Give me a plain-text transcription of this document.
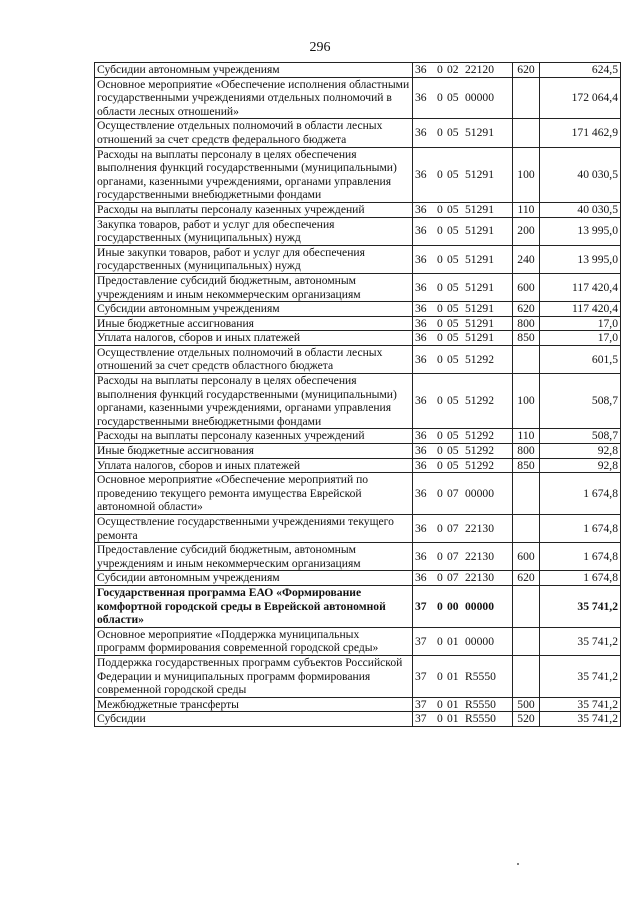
296
Субсидии автономным учреждениям	36 0 02 22120	620	624,5
Основное мероприятие «Обеспечение исполнения областными государственными учреждениями отдельных полномочий в области лесных отношений»	36 0 05 00000		172 064,4
Осуществление отдельных полномочий в области лесных отношений за счет средств федерального бюджета	36 0 05 51291		171 462,9
Расходы на выплаты персоналу в целях обеспечения выполнения функций государственными (муниципальными) органами, казенными учреждениями, органами управления государственными внебюджетными фондами	36 0 05 51291	100	40 030,5
Расходы на выплаты персоналу казенных учреждений	36 0 05 51291	110	40 030,5
Закупка товаров, работ и услуг для обеспечения государственных (муниципальных) нужд	36 0 05 51291	200	13 995,0
Иные закупки товаров, работ и услуг для обеспечения государственных (муниципальных) нужд	36 0 05 51291	240	13 995,0
Предоставление субсидий бюджетным, автономным учреждениям и иным некоммерческим организациям	36 0 05 51291	600	117 420,4
Субсидии автономным учреждениям	36 0 05 51291	620	117 420,4
Иные бюджетные ассигнования	36 0 05 51291	800	17,0
Уплата налогов, сборов и иных платежей	36 0 05 51291	850	17,0
Осуществление отдельных полномочий в области лесных отношений за счет средств областного бюджета	36 0 05 51292		601,5
Расходы на выплаты персоналу в целях обеспечения выполнения функций государственными (муниципальными) органами, казенными учреждениями, органами управления государственными внебюджетными фондами	36 0 05 51292	100	508,7
Расходы на выплаты персоналу казенных учреждений	36 0 05 51292	110	508,7
Иные бюджетные ассигнования	36 0 05 51292	800	92,8
Уплата налогов, сборов и иных платежей	36 0 05 51292	850	92,8
Основное мероприятие «Обеспечение мероприятий по проведению текущего ремонта имущества Еврейской автономной области»	36 0 07 00000		1 674,8
Осуществление государственными учреждениями текущего ремонта	36 0 07 22130		1 674,8
Предоставление субсидий бюджетным, автономным учреждениям и иным некоммерческим организациям	36 0 07 22130	600	1 674,8
Субсидии автономным учреждениям	36 0 07 22130	620	1 674,8
Государственная программа ЕАО «Формирование комфортной городской среды в Еврейской автономной области»	37 0 00 00000		35 741,2
Основное мероприятие «Поддержка муниципальных программ формирования современной городской среды»	37 0 01 00000		35 741,2
Поддержка государственных программ субъектов Российской Федерации и муниципальных программ формирования современной городской среды	37 0 01 R5550		35 741,2
Межбюджетные трансферты	37 0 01 R5550	500	35 741,2
Субсидии	37 0 01 R5550	520	35 741,2
